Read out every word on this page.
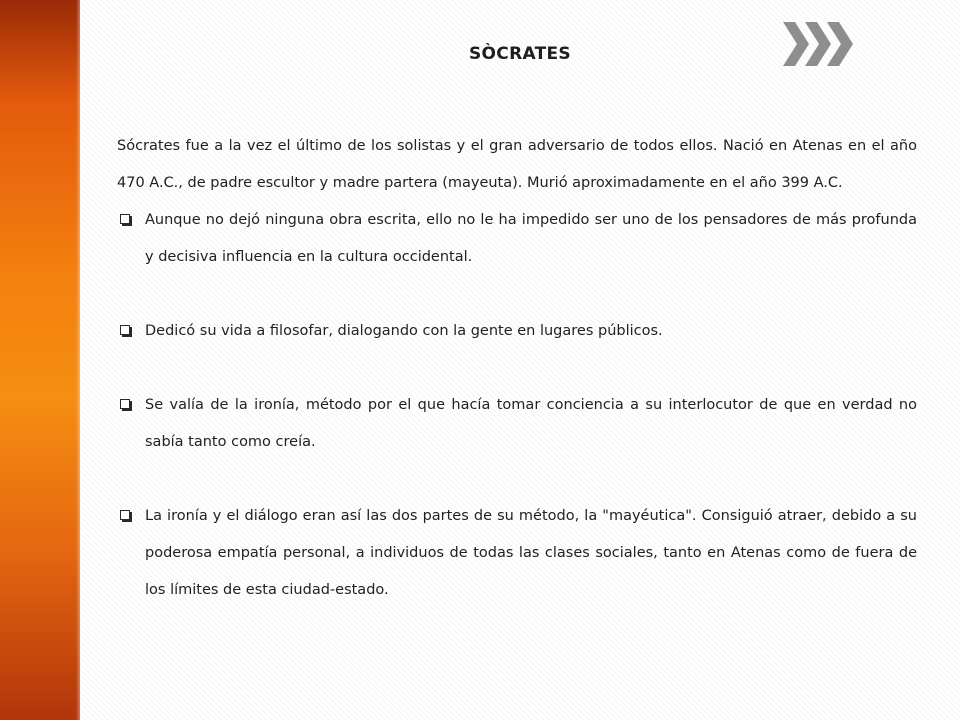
SÒCRATES

Sócrates fue a la vez el último de los solistas y el gran adversario de todos ellos. Nació en Atenas en el año 470 A.C., de padre escultor y madre partera (mayeuta). Murió aproximadamente en el año 399 A.C.

Aunque no dejó ninguna obra escrita, ello no le ha impedido ser uno de los pensadores de más profunda y decisiva influencia en la cultura occidental.
Dedicó su vida a filosofar, dialogando con la gente en lugares públicos.
Se valía de la ironía, método por el que hacía tomar conciencia a su interlocutor de que en verdad no sabía tanto como creía.
La ironía y el diálogo eran así las dos partes de su método, la "mayéutica". Consiguió atraer, debido a su poderosa empatía personal, a individuos de todas las clases sociales, tanto en Atenas como de fuera de los límites de esta ciudad-estado.
